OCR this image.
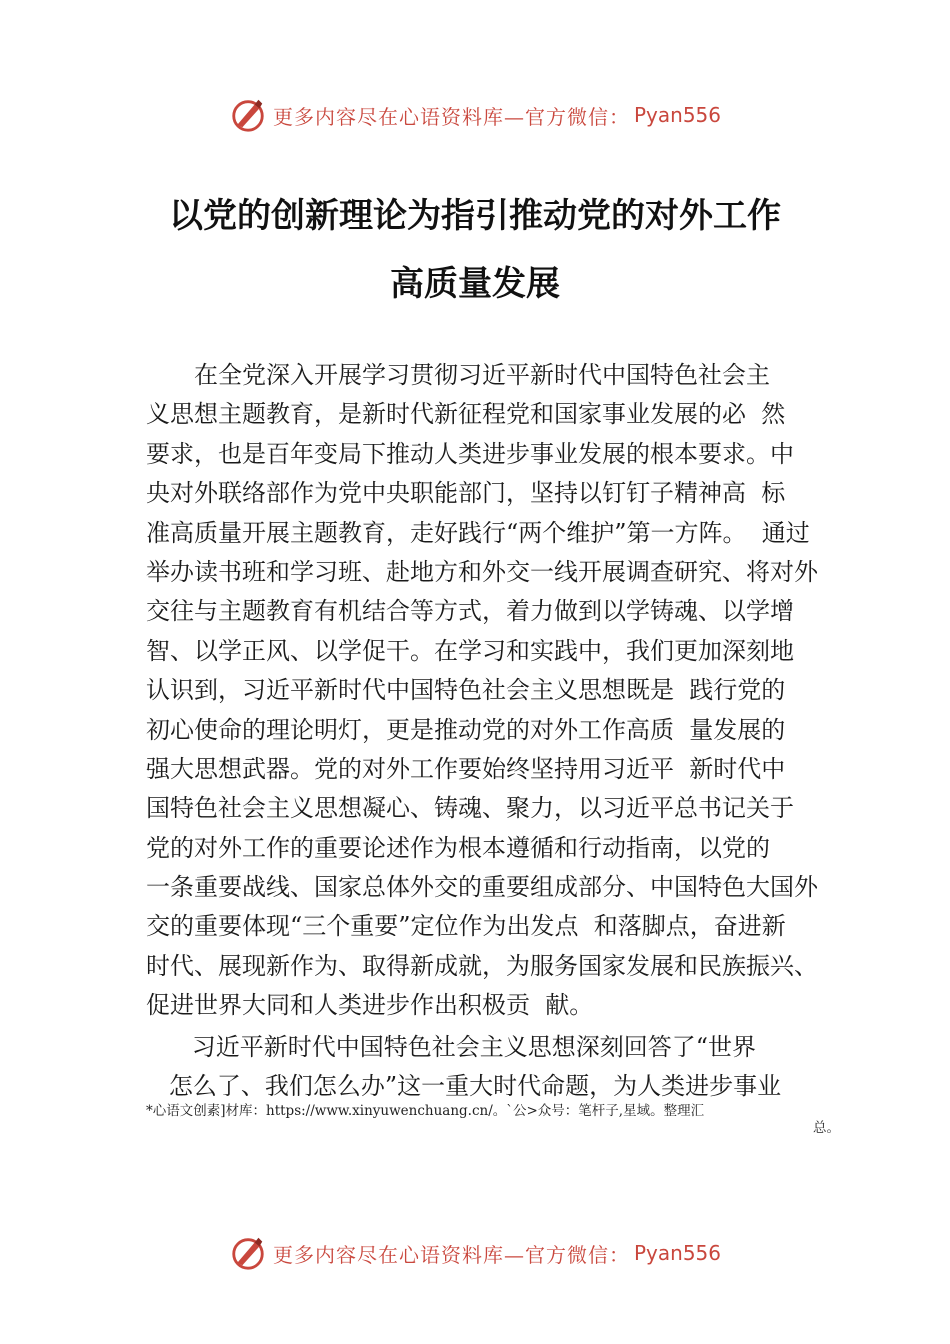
更多内容尽在心语资料库—官方微信： Pyan556
以党的创新理论为指引推动党的对外工作
高质量发展
　　在全党深入开展学习贯彻习近平新时代中国特色社会主
义思想主题教育，是新时代新征程党和国家事业发展的必  然
要求，也是百年变局下推动人类进步事业发展的根本要求。中
央对外联络部作为党中央职能部门，坚持以钉钉子精神高  标
准高质量开展主题教育，走好践行“两个维护”第一方阵。  通过
举办读书班和学习班、赴地方和外交一线开展调查研究、将对外
交往与主题教育有机结合等方式，着力做到以学铸魂、以学增
智、以学正风、以学促干。在学习和实践中，我们更加深刻地
认识到，习近平新时代中国特色社会主义思想既是  践行党的
初心使命的理论明灯，更是推动党的对外工作高质  量发展的
强大思想武器。党的对外工作要始终坚持用习近平  新时代中
国特色社会主义思想凝心、铸魂、聚力，以习近平总书记关于
党的对外工作的重要论述作为根本遵循和行动指南，以党的
一条重要战线、国家总体外交的重要组成部分、中国特色大国外
交的重要体现“三个重要”定位作为出发点  和落脚点，奋进新
时代、展现新作为、取得新成就，为服务国家发展和民族振兴、
促进世界大同和人类进步作出积极贡  献。
习近平新时代中国特色社会主义思想深刻回答了“世界
怎么了、我们怎么办”这一重大时代命题，为人类进步事业
*心语文创素]材库：https://www.xinyuwenchuang.cn/。`公>众号：笔杆子,星域。整理汇
总。
更多内容尽在心语资料库—官方微信： Pyan556
